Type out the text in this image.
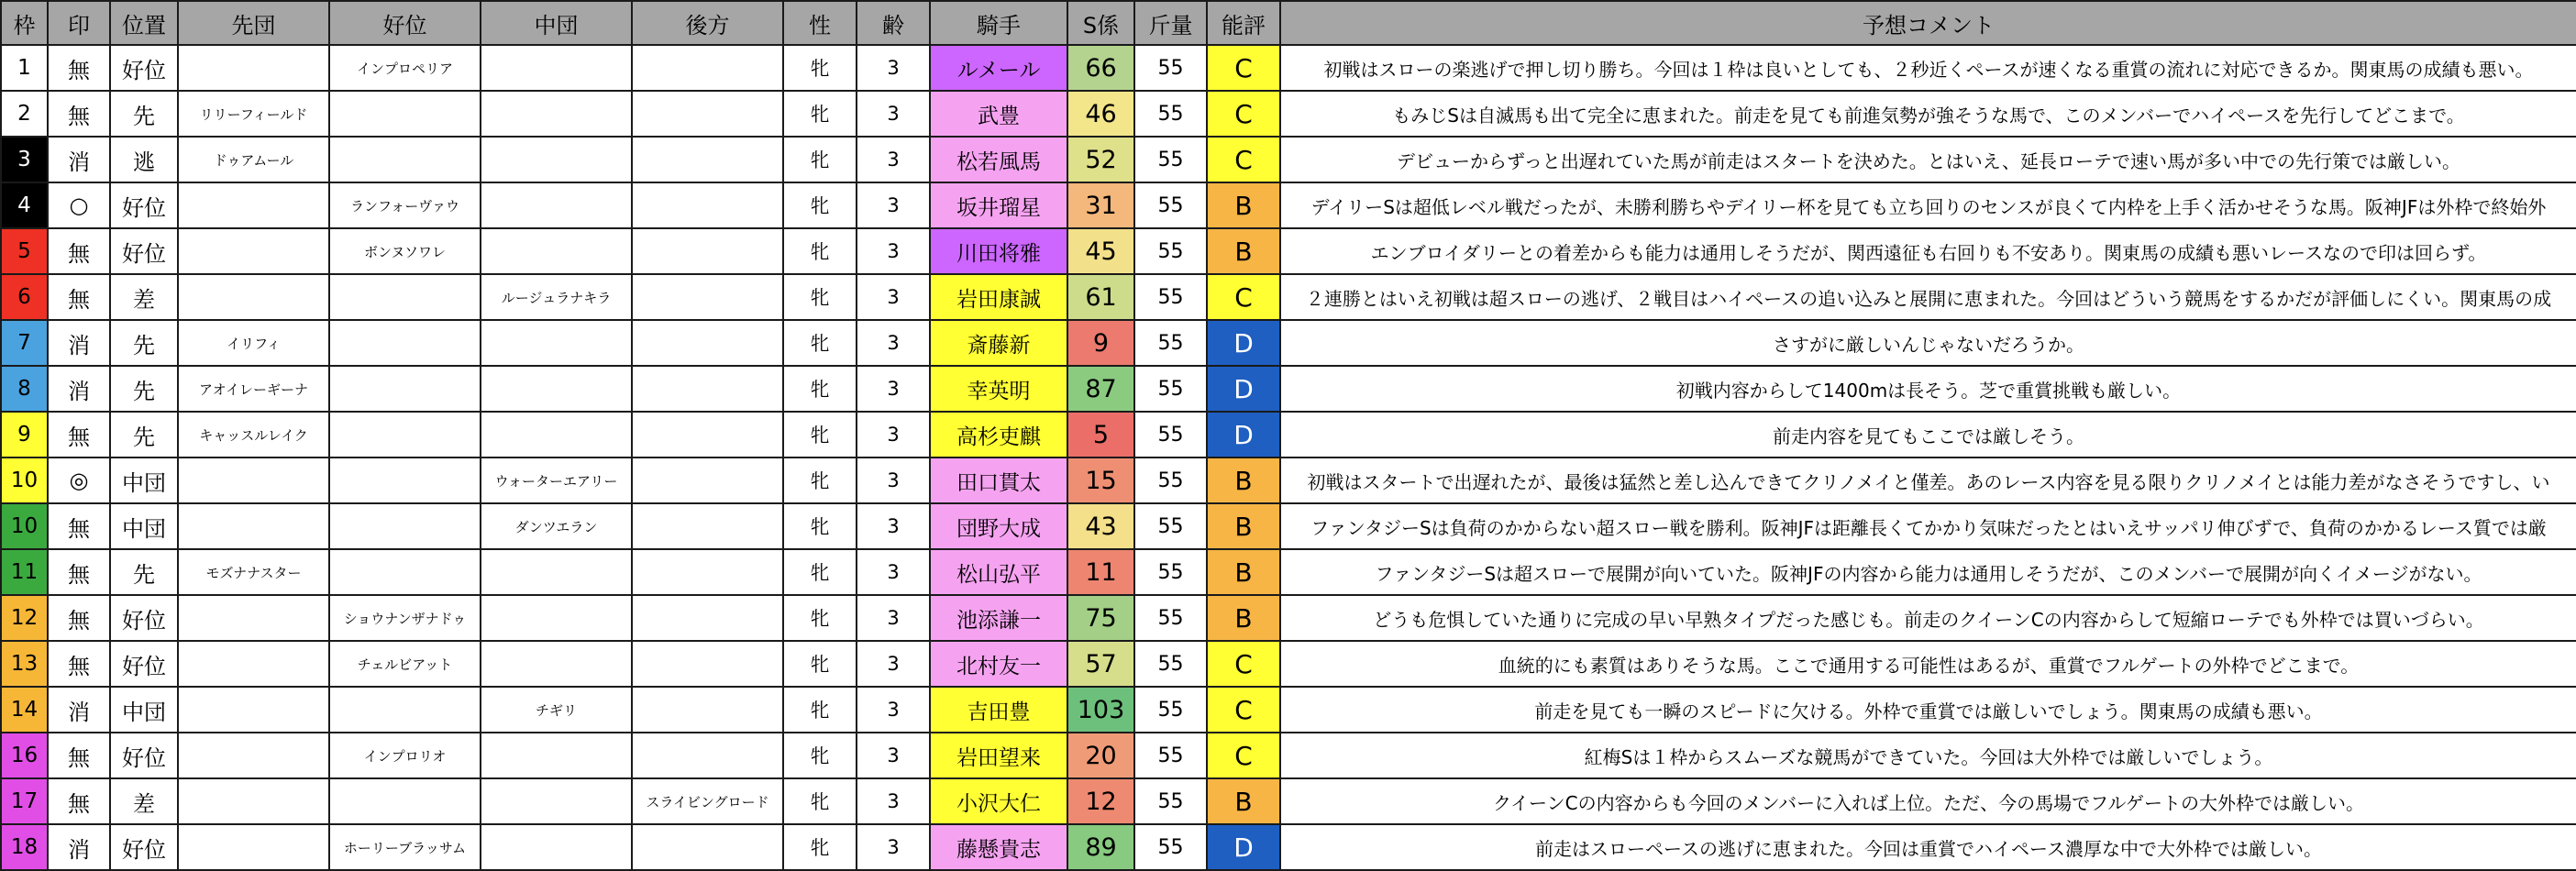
枠	印	位置	先団	好位	中団	後方	性	齢	騎手	S係	斤量	能評	予想コメント
1	無	好位		インプロペリア			牝	3	ルメール	66	55	C	初戦はスローの楽逃げで押し切り勝ち。今回は１枠は良いとしても、２秒近くペースが速くなる重賞の流れに対応できるか。関東馬の成績も悪い。
2	無	先	リリーフィールド				牝	3	武豊	46	55	C	もみじSは自滅馬も出て完全に恵まれた。前走を見ても前進気勢が強そうな馬で、このメンバーでハイペースを先行してどこまで。
3	消	逃	ドゥアムール				牝	3	松若風馬	52	55	C	デビューからずっと出遅れていた馬が前走はスタートを決めた。とはいえ、延長ローテで速い馬が多い中での先行策では厳しい。
4	○	好位		ランフォーヴァウ			牝	3	坂井瑠星	31	55	B	デイリーSは超低レベル戦だったが、未勝利勝ちやデイリー杯を見ても立ち回りのセンスが良くて内枠を上手く活かせそうな馬。阪神JFは外枠で終始外
5	無	好位		ボンヌソワレ			牝	3	川田将雅	45	55	B	エンブロイダリーとの着差からも能力は通用しそうだが、関西遠征も右回りも不安あり。関東馬の成績も悪いレースなので印は回らず。
6	無	差			ルージュラナキラ		牝	3	岩田康誠	61	55	C	２連勝とはいえ初戦は超スローの逃げ、２戦目はハイペースの追い込みと展開に恵まれた。今回はどういう競馬をするかだが評価しにくい。関東馬の成
7	消	先	イリフィ				牝	3	斎藤新	9	55	D	さすがに厳しいんじゃないだろうか。
8	消	先	アオイレーギーナ				牝	3	幸英明	87	55	D	初戦内容からして1400mは長そう。芝で重賞挑戦も厳しい。
9	無	先	キャッスルレイク				牝	3	高杉吏麒	5	55	D	前走内容を見てもここでは厳しそう。
10	◎	中団			ウォーターエアリー		牝	3	田口貫太	15	55	B	初戦はスタートで出遅れたが、最後は猛然と差し込んできてクリノメイと僅差。あのレース内容を見る限りクリノメイとは能力差がなさそうですし、い
10	無	中団			ダンツエラン		牝	3	団野大成	43	55	B	ファンタジーSは負荷のかからない超スロー戦を勝利。阪神JFは距離長くてかかり気味だったとはいえサッパリ伸びずで、負荷のかかるレース質では厳
11	無	先	モズナナスター				牝	3	松山弘平	11	55	B	ファンタジーSは超スローで展開が向いていた。阪神JFの内容から能力は通用しそうだが、このメンバーで展開が向くイメージがない。
12	無	好位		ショウナンザナドゥ			牝	3	池添謙一	75	55	B	どうも危惧していた通りに完成の早い早熟タイプだった感じも。前走のクイーンCの内容からして短縮ローテでも外枠では買いづらい。
13	無	好位		チェルビアット			牝	3	北村友一	57	55	C	血統的にも素質はありそうな馬。ここで通用する可能性はあるが、重賞でフルゲートの外枠でどこまで。
14	消	中団			チギリ		牝	3	吉田豊	103	55	C	前走を見ても一瞬のスピードに欠ける。外枠で重賞では厳しいでしょう。関東馬の成績も悪い。
16	無	好位		インプロリオ			牝	3	岩田望来	20	55	C	紅梅Sは１枠からスムーズな競馬ができていた。今回は大外枠では厳しいでしょう。
17	無	差				スライビングロード	牝	3	小沢大仁	12	55	B	クイーンCの内容からも今回のメンバーに入れば上位。ただ、今の馬場でフルゲートの大外枠では厳しい。
18	消	好位		ホーリーブラッサム			牝	3	藤懸貴志	89	55	D	前走はスローペースの逃げに恵まれた。今回は重賞でハイペース濃厚な中で大外枠では厳しい。
